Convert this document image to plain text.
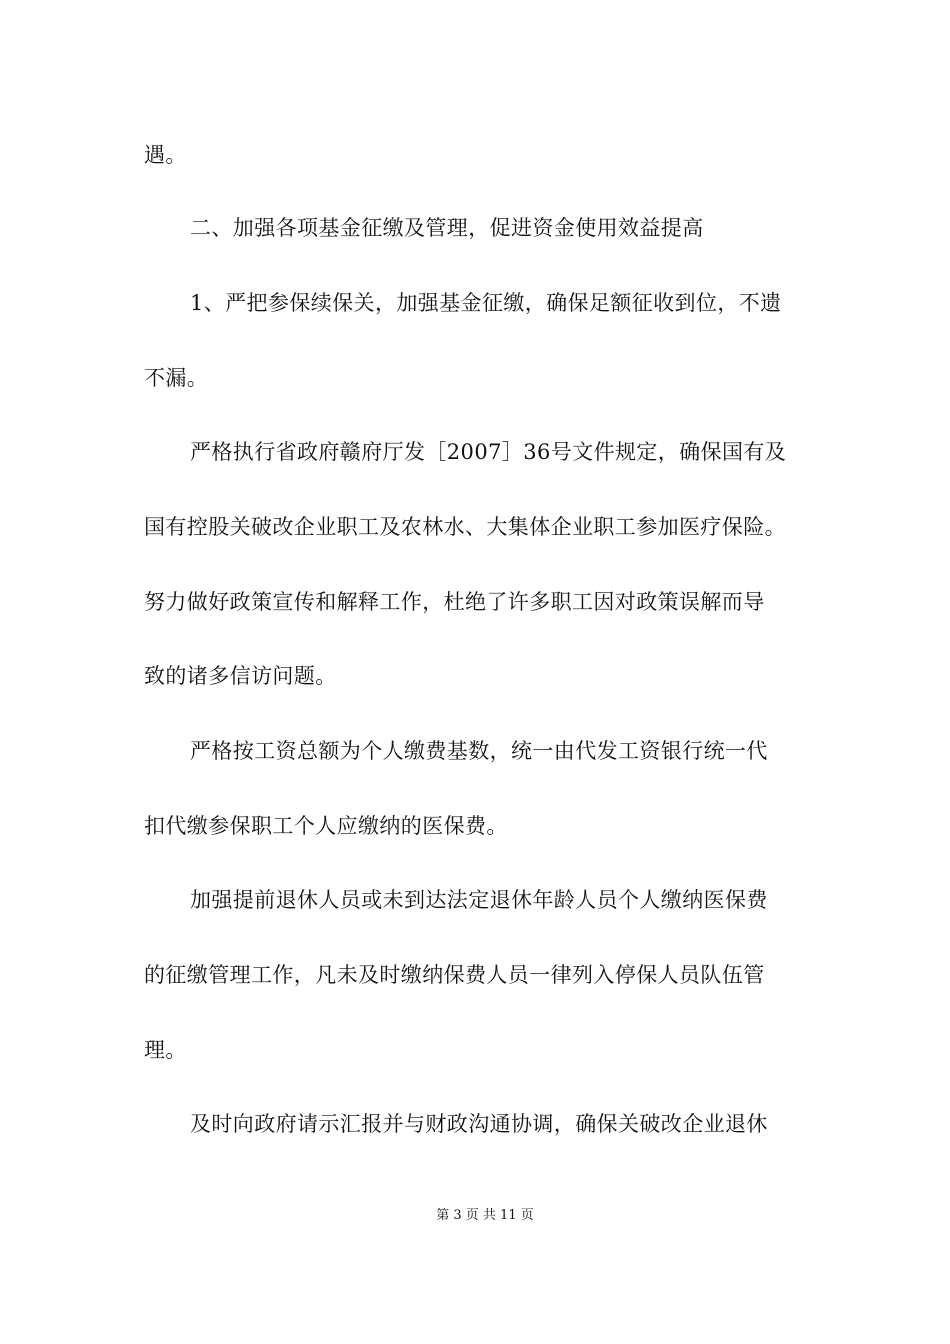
遇。
二、加强各项基金征缴及管理，促进资金使用效益提高
1、严把参保续保关，加强基金征缴，确保足额征收到位，不遗
不漏。
严格执行省政府赣府厅发［2007］36号文件规定，确保国有及
国有控股关破改企业职工及农林水、大集体企业职工参加医疗保险。
努力做好政策宣传和解释工作，杜绝了许多职工因对政策误解而导
致的诸多信访问题。
严格按工资总额为个人缴费基数，统一由代发工资银行统一代
扣代缴参保职工个人应缴纳的医保费。
加强提前退休人员或未到达法定退休年龄人员个人缴纳医保费
的征缴管理工作，凡未及时缴纳保费人员一律列入停保人员队伍管
理。
及时向政府请示汇报并与财政沟通协调，确保关破改企业退休
第 3 页 共 11 页
